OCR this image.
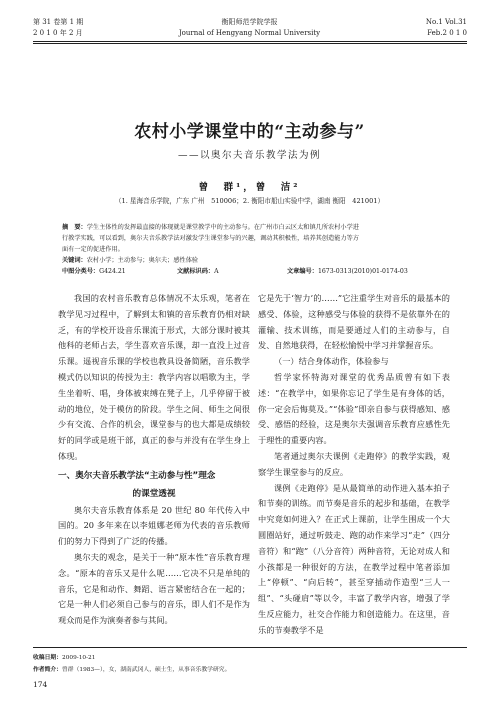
第 31 卷第 1 期
2 0 1 0 年 2 月
衡阳师范学院学报
Journal of Hengyang Normal University
No.1 Vol.31
Feb.2 0 1 0
农村小学课堂中的“主动参与”
——以奥尔夫音乐教学法为例
曾　群¹，曾　洁²
（1. 星海音乐学院，广东 广州　510006；2. 衡阳市船山实验中学，湖南 衡阳　421001）
摘　要：学生主体性的发挥最直接的体现就是课堂教学中的主动参与。在广州市白云区太和镇几所农村小学进
行教学实践，可以看到，奥尔夫音乐教学法对激发学生课堂参与的兴趣，调动其积极性，培养其创造能力等方
面有一定的促进作用。
关键词：农村小学；主动参与；奥尔夫；感性体验
中图分类号：G424.21	文献标识码：A	文章编号：1673-0313(2010)01-0174-03

我国的农村音乐教育总体情况不太乐观，笔者在教学见习过程中，了解到太和镇的音乐教育仍相对缺乏，有的学校开设音乐课流于形式，大部分课时被其他科的老师占去，学生喜欢音乐课，却一直没上过音乐课。遥视音乐课的学校也教具设备简陋，音乐教学模式仍以知识的传授为主：教学内容以唱歌为主，学生坐着听、唱，身体被束缚在凳子上，几乎停留于被动的地位，处于模仿的阶段。学生之间、师生之间很少有交流、合作的机会，课堂参与的也大都是成绩较好的同学或是班干部，真正的参与并没有在学生身上体现。

一、奥尔夫音乐教学法“主动参与性”理念

的课堂透视

奥尔夫音乐教育体系是 20 世纪 80 年代传入中国的。20 多年来在以李姐娜老师为代表的音乐教师们的努力下得到了广泛的传播。

奥尔夫的观念，是关于一种“原本性”音乐教育理念。“原本的音乐又是什么呢……它决不只是单纯的音乐，它是和动作、舞蹈、语言紧密结合在一起的；它是一种人们必须自己参与的音乐，即人们不是作为观众而是作为演奏者参与其间。

它是先于‘智力’的……”它注重学生对音乐的最基本的感受、体验，这种感受与体验的获得不是依靠外在的灌输、技术训练，而是要通过人们的主动参与，自发、自然地获得，在轻松愉悦中学习并掌握音乐。

（一）结合身体动作，体验参与

哲学家怀特海对课堂的优秀品质曾有如下表述：“在教学中，如果你忘记了学生是有身体的话，你一定会后悔莫及。”“体验”即亲自参与获得感知、感受、感悟的经验，这是奥尔夫强调音乐教育应感性先于理性的重要内容。

笔者通过奥尔夫课例《走跑停》的教学实践，观察学生课堂参与的反应。

课例《走跑停》是从最简单的动作进入基本拍子和节奏的训练。而节奏是音乐的起步和基础，在教学中究竟如何进入？在正式上课前，让学生围成一个大圆圈站好，通过听鼓走、跑的动作来学习“走”（四分音符）和“跑”（八分音符）两种音符，无论对成人和小孩都是一种很好的方法，在教学过程中笔者添加上“停顿”、“向后转”，甚至穿插动作造型“三人一组”、“头碰肩”等以令，丰富了教学内容，增强了学生反应能力，社交合作能力和创造能力。在这里，音乐的节奏教学不是

收稿日期：2009-10-21
作者简介：曾群（1983—），女，湖南武冈人，硕士生，从事音乐教学研究。
174
